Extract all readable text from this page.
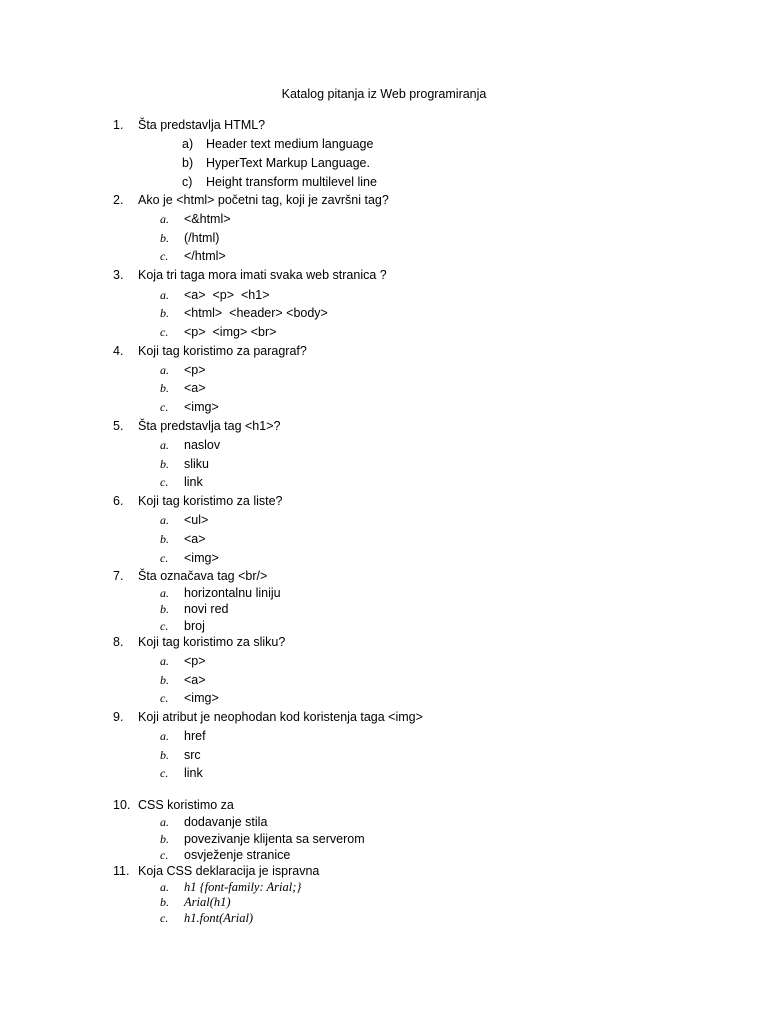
Katalog pitanja iz Web programiranja
1. Šta predstavlja HTML?
a) Header text medium language
b) HyperText Markup Language.
c) Height transform multilevel line
2. Ako je <html> početni tag, koji je završni tag?
a. <&html>
b. (/html)
c. </html>
3. Koja tri taga mora imati svaka web stranica ?
a. <a>  <p>  <h1>
b. <html>  <header> <body>
c. <p>  <img> <br>
4. Koji tag koristimo za paragraf?
a. <p>
b. <a>
c. <img>
5. Šta predstavlja tag <h1>?
a. naslov
b. sliku
c. link
6. Koji tag koristimo za liste?
a. <ul>
b. <a>
c. <img>
7. Šta označava tag <br/>
a. horizontalnu liniju
b. novi red
c. broj
8. Koji tag koristimo za sliku?
a. <p>
b. <a>
c. <img>
9. Koji atribut je neophodan kod koristenja taga <img>
a. href
b. src
c. link
10. CSS koristimo za
a. dodavanje stila
b. povezivanje klijenta sa serverom
c. osvježenje stranice
11. Koja CSS deklaracija je ispravna
a. h1 {font-family: Arial;}
b. Arial(h1)
c. h1.font(Arial)
